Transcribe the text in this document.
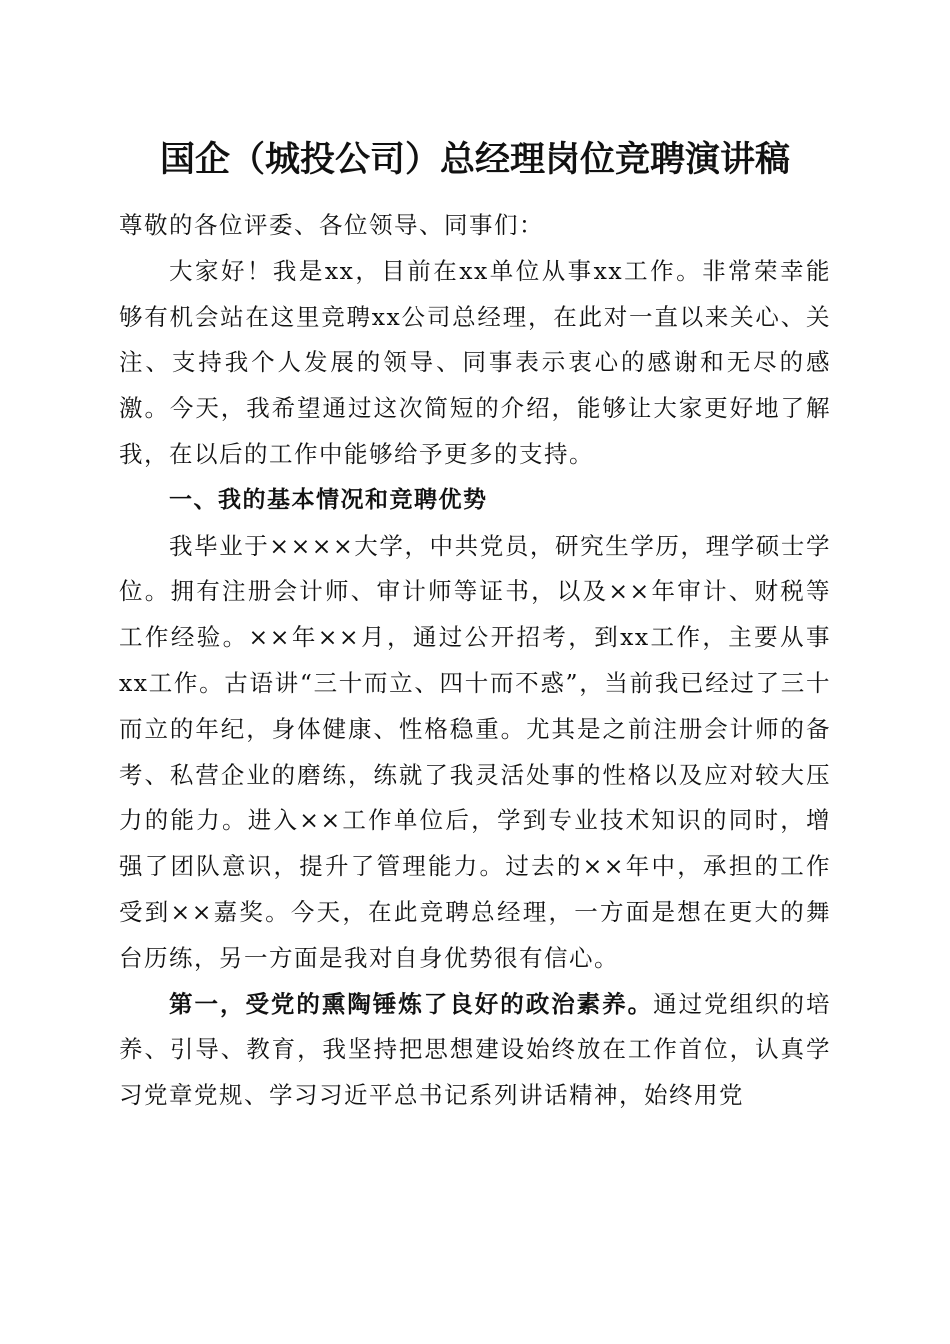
国企（城投公司）总经理岗位竞聘演讲稿

尊敬的各位评委、各位领导、同事们：

大家好！我是xx，目前在xx单位从事xx工作。非常荣幸能够有机会站在这里竞聘xx公司总经理，在此对一直以来关心、关注、支持我个人发展的领导、同事表示衷心的感谢和无尽的感激。今天，我希望通过这次简短的介绍，能够让大家更好地了解我，在以后的工作中能够给予更多的支持。

一、我的基本情况和竞聘优势

我毕业于××××大学，中共党员，研究生学历，理学硕士学位。拥有注册会计师、审计师等证书，以及××年审计、财税等工作经验。××年××月，通过公开招考，到xx工作，主要从事xx工作。古语讲“三十而立、四十而不惑”，当前我已经过了三十而立的年纪，身体健康、性格稳重。尤其是之前注册会计师的备考、私营企业的磨练，练就了我灵活处事的性格以及应对较大压力的能力。进入××工作单位后，学到专业技术知识的同时，增强了团队意识，提升了管理能力。过去的××年中，承担的工作受到××嘉奖。今天，在此竞聘总经理，一方面是想在更大的舞台历练，另一方面是我对自身优势很有信心。

第一，受党的熏陶锤炼了良好的政治素养。通过党组织的培养、引导、教育，我坚持把思想建设始终放在工作首位，认真学习党章党规、学习习近平总书记系列讲话精神，始终用党
